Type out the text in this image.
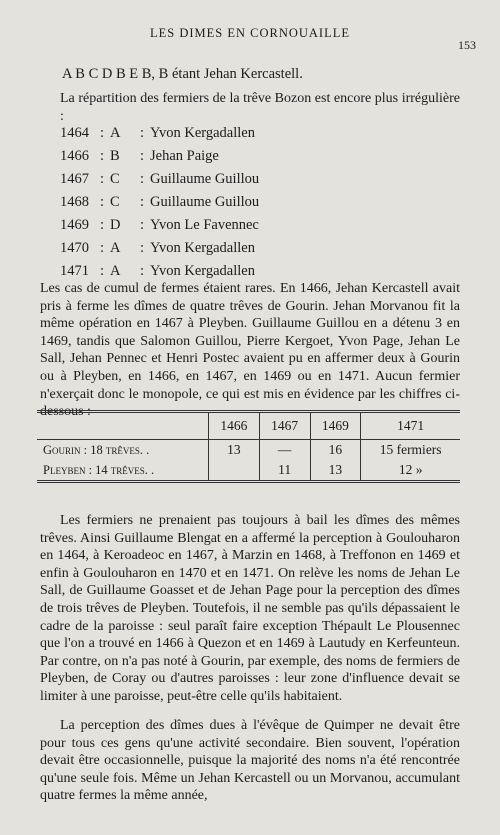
LES DIMES EN CORNOUAILLE
153
A B C D B E B, B étant Jehan Kercastell.
La répartition des fermiers de la trêve Bozon est encore plus irrégulière :
1464 : A	: Yvon Kergadallen
1466 : B	: Jehan Paige
1467 : C	: Guillaume Guillou
1468 : C	: Guillaume Guillou
1469 : D	: Yvon Le Favennec
1470 : A	: Yvon Kergadallen
1471 : A	: Yvon Kergadallen
Les cas de cumul de fermes étaient rares. En 1466, Jehan Kercastell avait pris à ferme les dîmes de quatre trêves de Gourin. Jehan Morvanou fit la même opération en 1467 à Pleyben. Guillaume Guillou en a détenu 3 en 1469, tandis que Salomon Guillou, Pierre Kergoet, Yvon Page, Jehan Le Sall, Jehan Pennec et Henri Postec avaient pu en affermer deux à Gourin ou à Pleyben, en 1466, en 1467, en 1469 ou en 1471. Aucun fermier n'exerçait donc le monopole, ce qui est mis en évidence par les chiffres ci-dessous :
	1466	1467	1469	1471
Gourin : 18 trêves. .	13	—	16	15 fermiers
Pleyben : 14 trêves. .		11	13	12 »
Les fermiers ne prenaient pas toujours à bail les dîmes des mêmes trêves. Ainsi Guillaume Blengat en a affermé la perception à Goulouharon en 1464, à Keroadeoc en 1467, à Marzin en 1468, à Treffonon en 1469 et enfin à Goulouharon en 1470 et en 1471. On relève les noms de Jehan Le Sall, de Guillaume Goasset et de Jehan Page pour la perception des dîmes de trois trêves de Pleyben. Toutefois, il ne semble pas qu'ils dépassaient le cadre de la paroisse : seul paraît faire exception Thépault Le Plousennec que l'on a trouvé en 1466 à Quezon et en 1469 à Lautudy en Kerfeunteun. Par contre, on n'a pas noté à Gourin, par exemple, des noms de fermiers de Pleyben, de Coray ou d'autres paroisses : leur zone d'influence devait se limiter à une paroisse, peut-être celle qu'ils habitaient.
La perception des dîmes dues à l'évêque de Quimper ne devait être pour tous ces gens qu'une activité secondaire. Bien souvent, l'opération devait être occasionnelle, puisque la majorité des noms n'a été rencontrée qu'une seule fois. Même un Jehan Kercastell ou un Morvanou, accumulant quatre fermes la même année,
